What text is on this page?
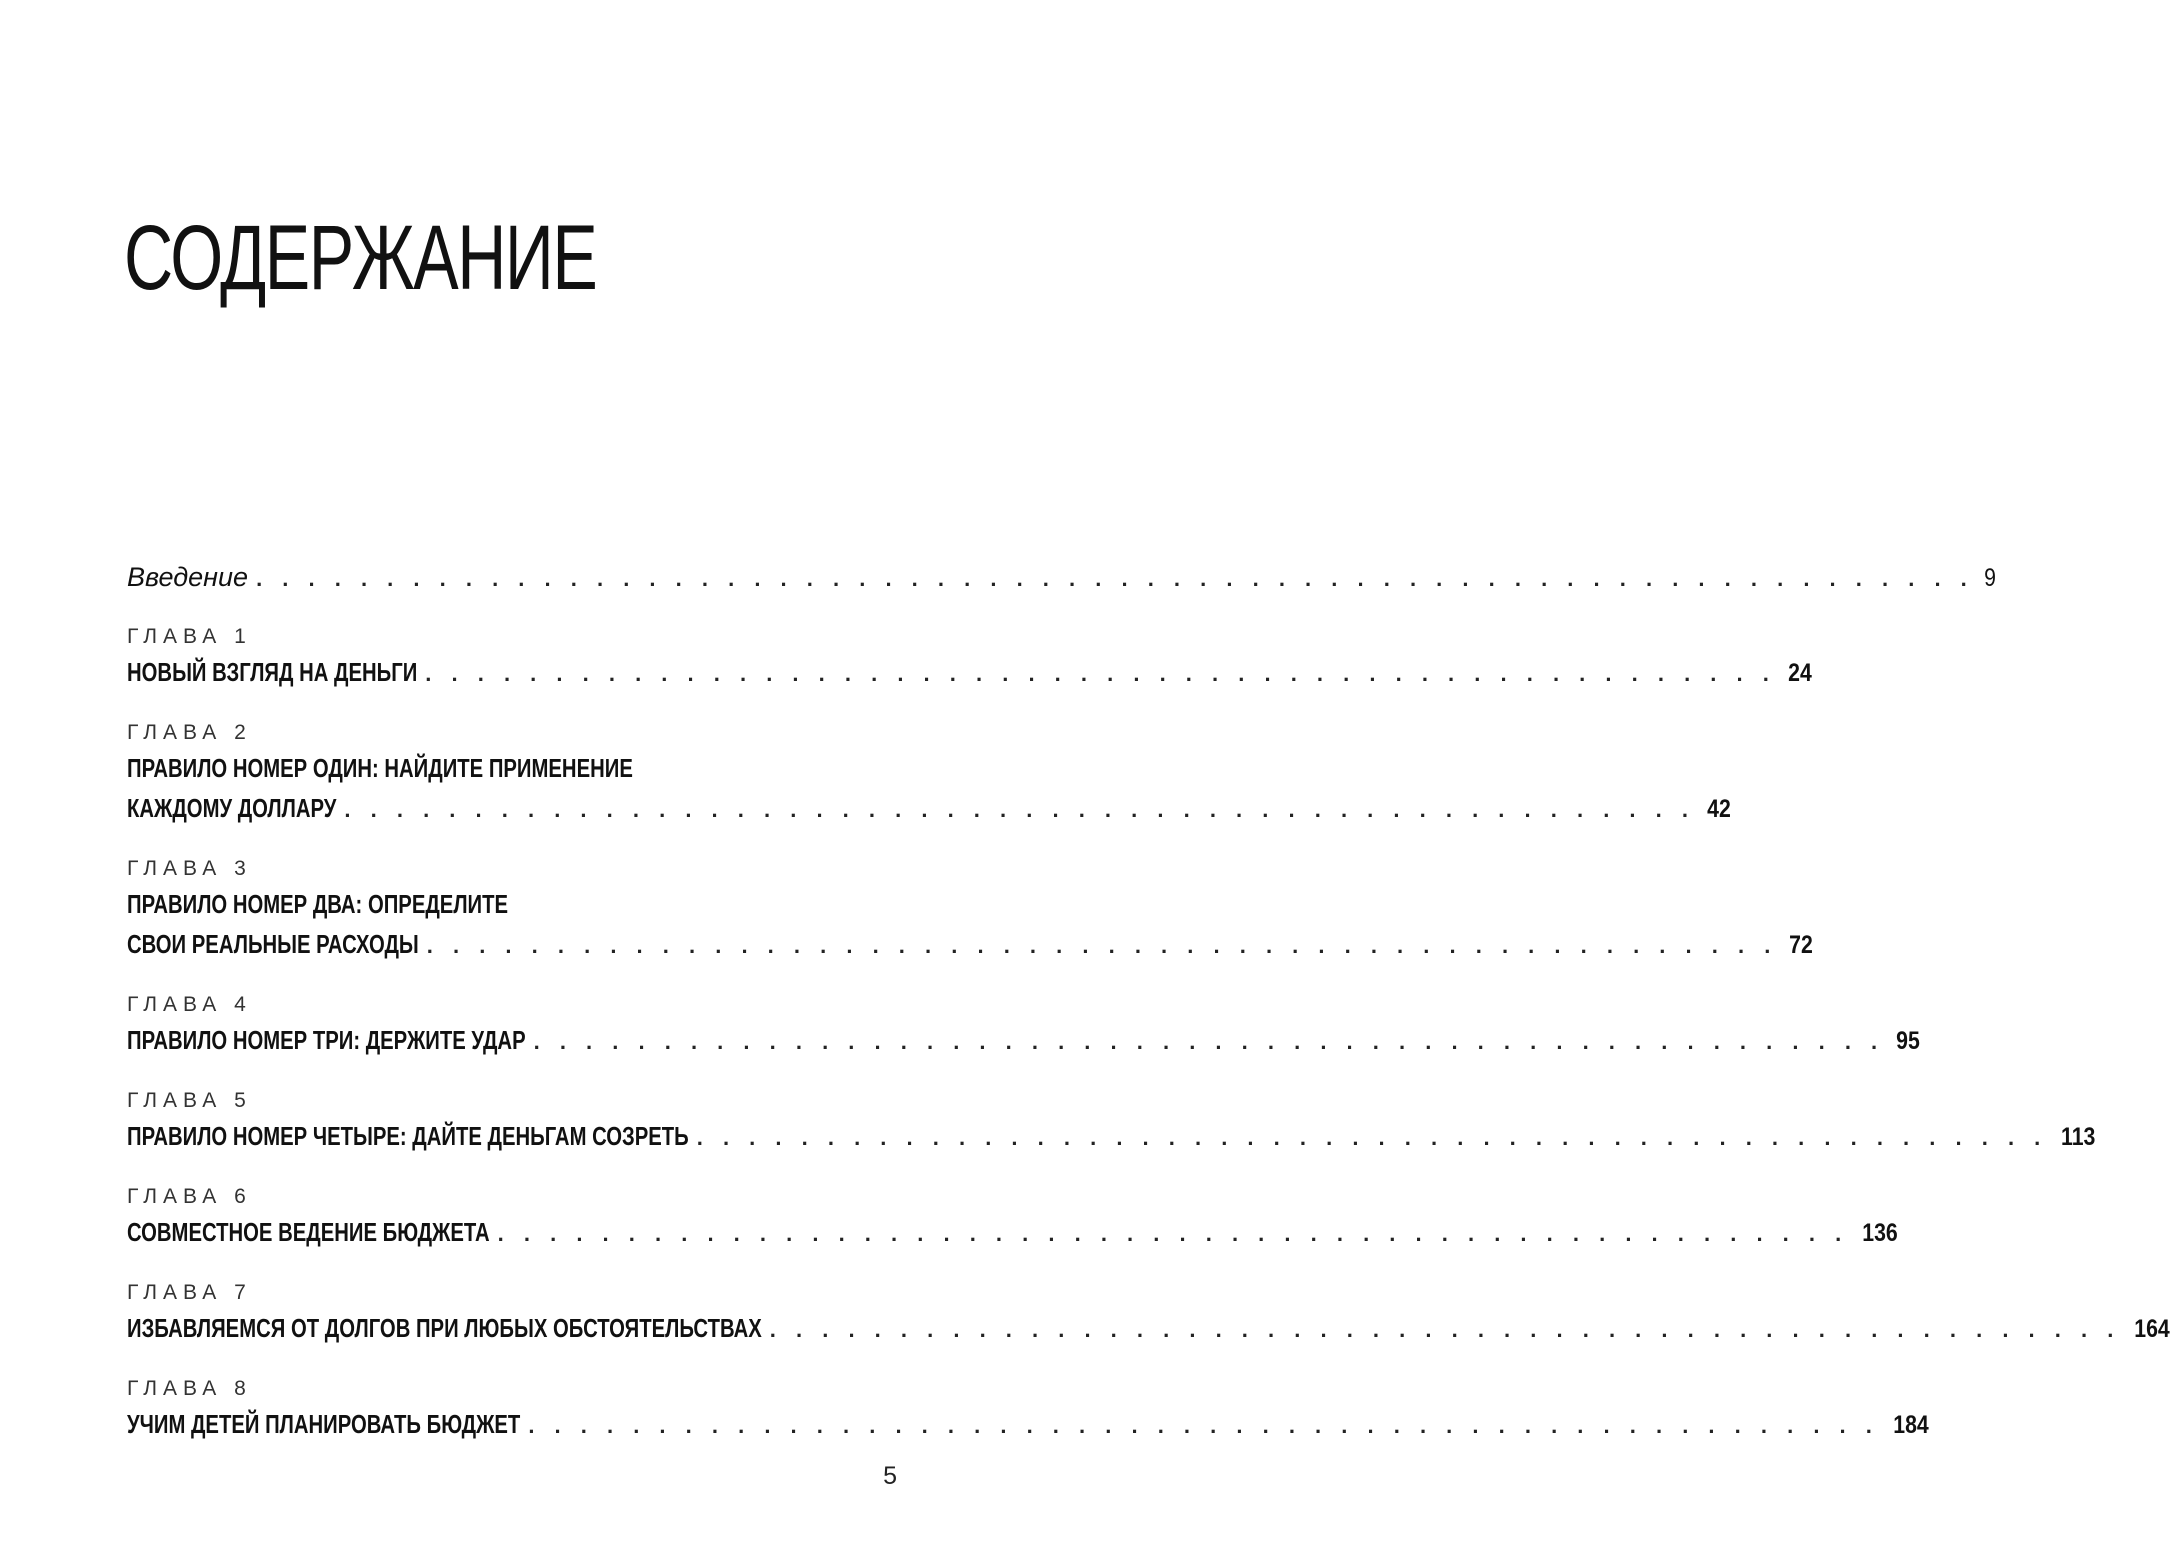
СОДЕРЖАНИЕ
Введение . . . . . . . . . . . . . . . . . . . . . . . . . . . . . . . . . . . . . . . . . . . . . . . . . . . . . . . . . . . . . . . . . . 9
ГЛАВА 1
НОВЫЙ ВЗГЛЯД НА ДЕНЬГИ . . . . . . . . . . . . . . . . . . . . . . . . . . . . . . . . . . . . . . . . . . . . . . . . . . . . 24
ГЛАВА 2
ПРАВИЛО НОМЕР ОДИН: НАЙДИТЕ ПРИМЕНЕНИЕ
КАЖДОМУ ДОЛЛАРУ . . . . . . . . . . . . . . . . . . . . . . . . . . . . . . . . . . . . . . . . . . . . . . . . . . . . 42
ГЛАВА 3
ПРАВИЛО НОМЕР ДВА: ОПРЕДЕЛИТЕ
СВОИ РЕАЛЬНЫЕ РАСХОДЫ . . . . . . . . . . . . . . . . . . . . . . . . . . . . . . . . . . . . . . . . . . . . . . . . . . . . 72
ГЛАВА 4
ПРАВИЛО НОМЕР ТРИ: ДЕРЖИТЕ УДАР . . . . . . . . . . . . . . . . . . . . . . . . . . . . . . . . . . . . . . . . . . . . . . . . . . . . 95
ГЛАВА 5
ПРАВИЛО НОМЕР ЧЕТЫРЕ: ДАЙТЕ ДЕНЬГАМ СОЗРЕТЬ . . . . . . . . . . . . . . . . . . . . . . . . . . . . . . . . . . . . . . . . . . . . . . . . . . . . 113
ГЛАВА 6
СОВМЕСТНОЕ ВЕДЕНИЕ БЮДЖЕТА . . . . . . . . . . . . . . . . . . . . . . . . . . . . . . . . . . . . . . . . . . . . . . . . . . . . 136
ГЛАВА 7
ИЗБАВЛЯЕМСЯ ОТ ДОЛГОВ ПРИ ЛЮБЫХ ОБСТОЯТЕЛЬСТВАХ . . . . . . . . . . . . . . . . . . . . . . . . . . . . . . . . . . . . . . . . . . . . . . . . . . . . 164
ГЛАВА 8
УЧИМ ДЕТЕЙ ПЛАНИРОВАТЬ БЮДЖЕТ . . . . . . . . . . . . . . . . . . . . . . . . . . . . . . . . . . . . . . . . . . . . . . . . . . . . 184
5
